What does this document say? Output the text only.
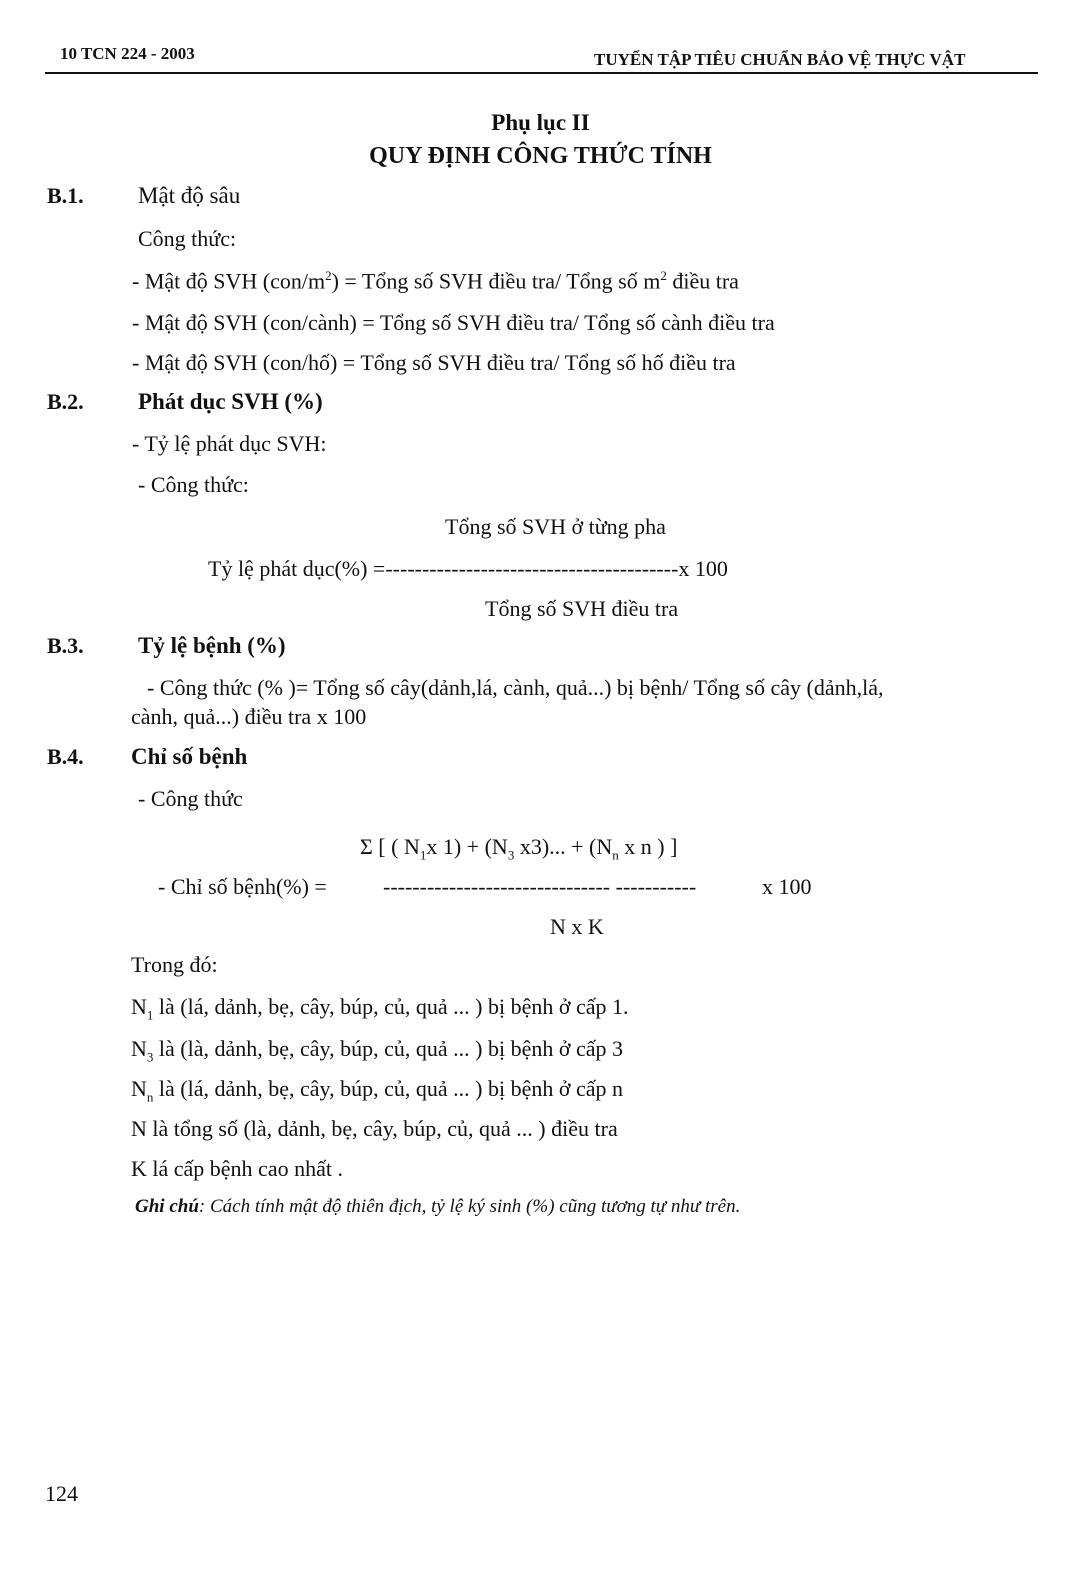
10 TCN 224 - 2003	TUYỂN TẬP TIÊU CHUẨN BẢO VỆ THỰC VẬT
Phụ lục II
QUY ĐỊNH CÔNG THỨC TÍNH
B.1. Mật độ sâu
Công thức:
- Mật độ SVH $(con/m^2)$ = Tổng số SVH điều tra/ Tổng số $m^2$ điều tra
- Mật độ SVH (con/cành) = Tổng số SVH điều tra/ Tổng số cành điều tra
- Mật độ SVH (con/hố) = Tổng số SVH điều tra/ Tổng số hố điều tra
B.2. Phát dục SVH (%)
- Tỷ lệ phát dục SVH:
- Công thức:
Tổng số SVH ở từng pha
Tỷ lệ phát dục(%) =----------------------------------------x 100
Tổng số SVH điều tra
B.3. Tỷ lệ bệnh (%)
- Công thức (% )= Tổng số cây(dảnh,lá, cành, quả...) bị bệnh/ Tổng số cây (dảnh,lá,
cành, quả...) điều tra x 100
B.4. Chỉ số bệnh
- Công thức
Σ [ ( $N_1x$ $1) + (N_3$ x3)... + ($N_n$ x n ) ]
- Chỉ số bệnh(%) =	------------------------------- -----------	x 100
N x K
Trong đó:
$N_1$ là (lá, dảnh, bẹ, cây, búp, củ, quả ... ) bị bệnh ở cấp 1.
$N_3$ là (là, dảnh, bẹ, cây, búp, củ, quả ... ) bị bệnh ở cấp 3
$N_n$ là (lá, dảnh, bẹ, cây, búp, củ, quả ... ) bị bệnh ở cấp n
N là tổng số (là, dảnh, bẹ, cây, búp, củ, quả ... ) điều tra
K lá cấp bệnh cao nhất .
Ghi chú: Cách tính mật độ thiên địch, tỷ lệ ký sinh (%) cũng tương tự như trên.
124
